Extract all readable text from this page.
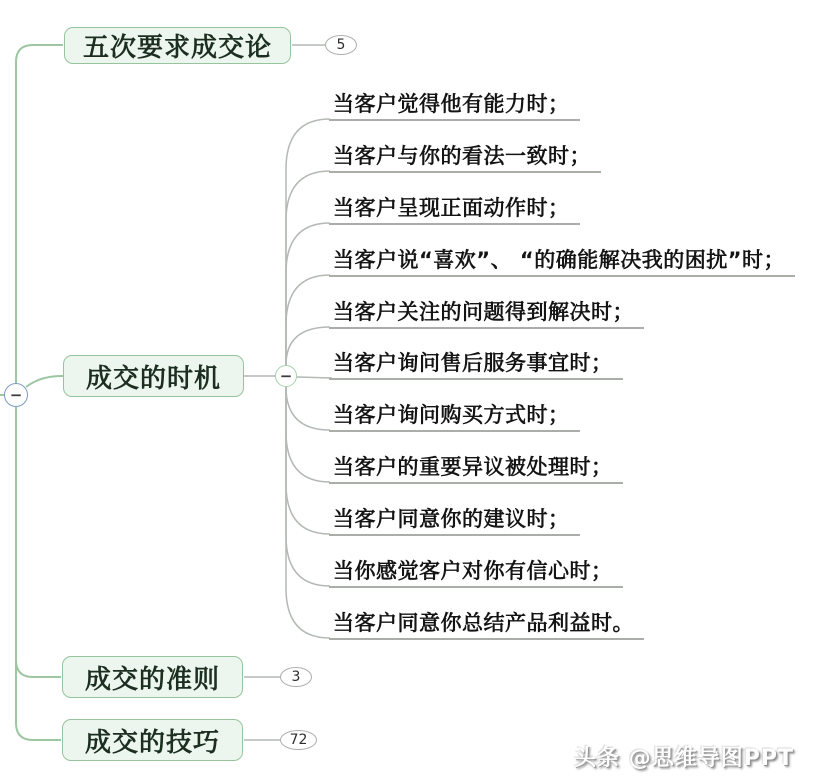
−
五次要求成交论	5
成交的时机	−
成交的准则	3
成交的技巧	72
当客户觉得他有能力时；
当客户与你的看法一致时；
当客户呈现正面动作时；
当客户说“喜欢”、 “的确能解决我的困扰”时；
当客户关注的问题得到解决时；
当客户询问售后服务事宜时；
当客户询问购买方式时；
当客户的重要异议被处理时；
当客户同意你的建议时；
当你感觉客户对你有信心时；
当客户同意你总结产品利益时。
头条 @思维导图PPT
